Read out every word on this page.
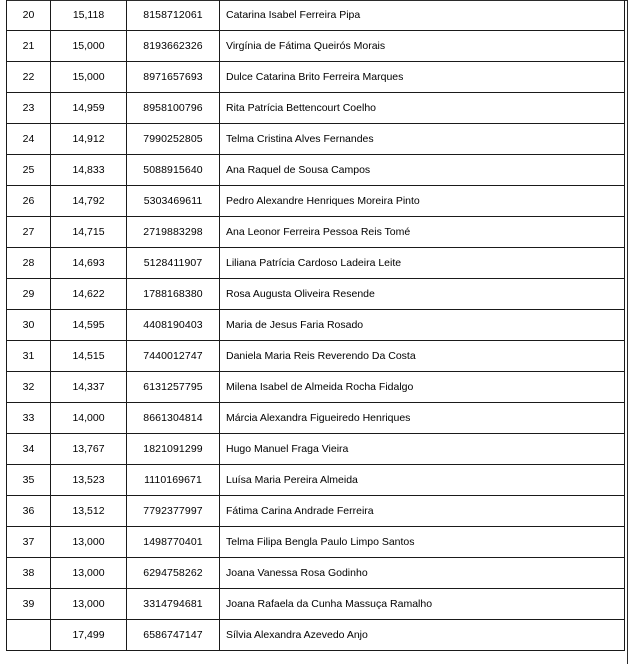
20	15,118	8158712061	Catarina Isabel Ferreira Pipa
21	15,000	8193662326	Virgínia de Fátima Queirós Morais
22	15,000	8971657693	Dulce Catarina Brito Ferreira Marques
23	14,959	8958100796	Rita Patrícia Bettencourt Coelho
24	14,912	7990252805	Telma Cristina Alves Fernandes
25	14,833	5088915640	Ana Raquel de Sousa Campos
26	14,792	5303469611	Pedro Alexandre Henriques Moreira Pinto
27	14,715	2719883298	Ana Leonor Ferreira Pessoa Reis Tomé
28	14,693	5128411907	Liliana Patrícia Cardoso Ladeira Leite
29	14,622	1788168380	Rosa Augusta Oliveira Resende
30	14,595	4408190403	Maria de Jesus Faria Rosado
31	14,515	7440012747	Daniela Maria Reis Reverendo Da Costa
32	14,337	6131257795	Milena Isabel de Almeida Rocha Fidalgo
33	14,000	8661304814	Márcia Alexandra Figueiredo Henriques
34	13,767	1821091299	Hugo Manuel Fraga Vieira
35	13,523	1110169671	Luísa Maria Pereira Almeida
36	13,512	7792377997	Fátima Carina Andrade Ferreira
37	13,000	1498770401	Telma Filipa Bengla Paulo Limpo Santos
38	13,000	6294758262	Joana Vanessa Rosa Godinho
39	13,000	3314794681	Joana Rafaela da Cunha Massuça Ramalho
	17,499	6586747147	Sílvia Alexandra Azevedo Anjo
